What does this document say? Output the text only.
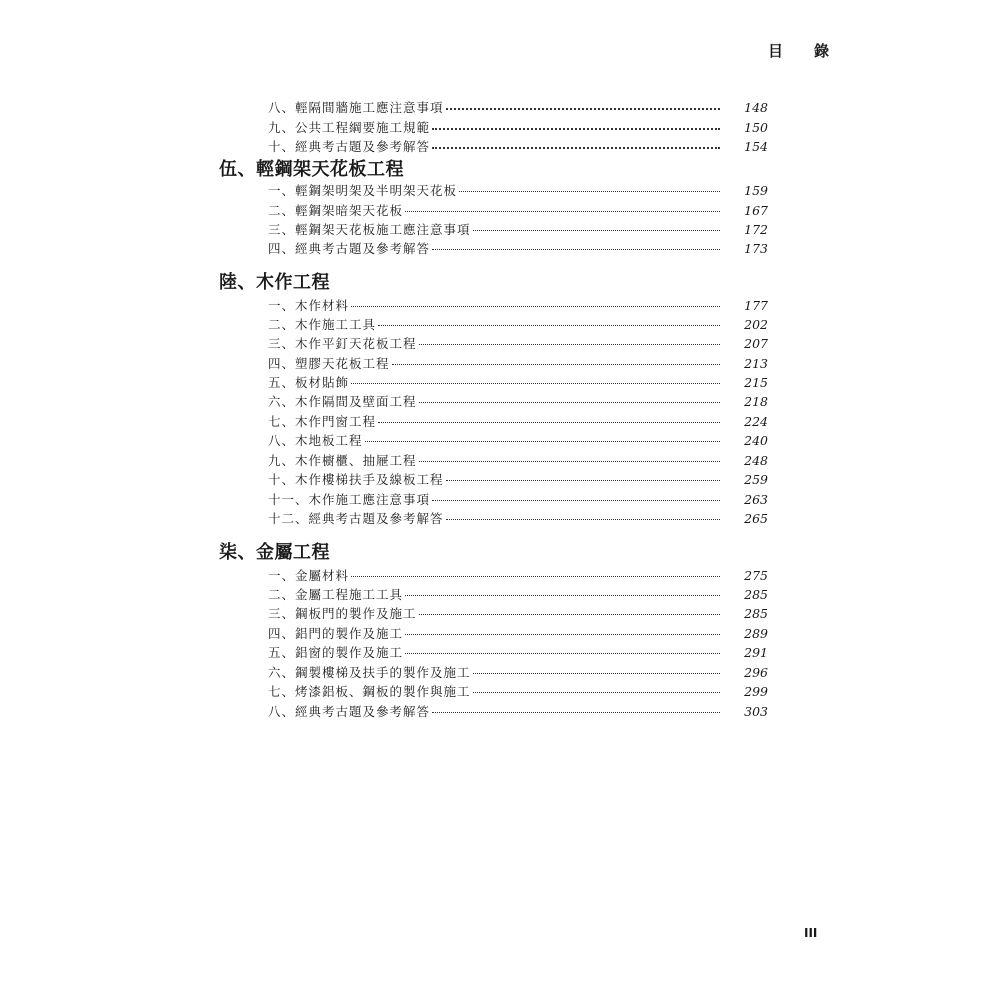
目　錄
八、輕隔間牆施工應注意事項	148
九、公共工程綱要施工規範	150
十、經典考古題及參考解答	154
伍、輕鋼架天花板工程
一、輕鋼架明架及半明架天花板	159
二、輕鋼架暗架天花板	167
三、輕鋼架天花板施工應注意事項	172
四、經典考古題及參考解答	173
陸、木作工程
一、木作材料	177
二、木作施工工具	202
三、木作平釘天花板工程	207
四、塑膠天花板工程	213
五、板材貼飾	215
六、木作隔間及壁面工程	218
七、木作門窗工程	224
八、木地板工程	240
九、木作櫥櫃、抽屜工程	248
十、木作樓梯扶手及線板工程	259
十一、木作施工應注意事項	263
十二、經典考古題及參考解答	265
柒、金屬工程
一、金屬材料	275
二、金屬工程施工工具	285
三、鋼板門的製作及施工	285
四、鋁門的製作及施工	289
五、鋁窗的製作及施工	291
六、鋼製樓梯及扶手的製作及施工	296
七、烤漆鋁板、鋼板的製作與施工	299
八、經典考古題及參考解答	303
III
